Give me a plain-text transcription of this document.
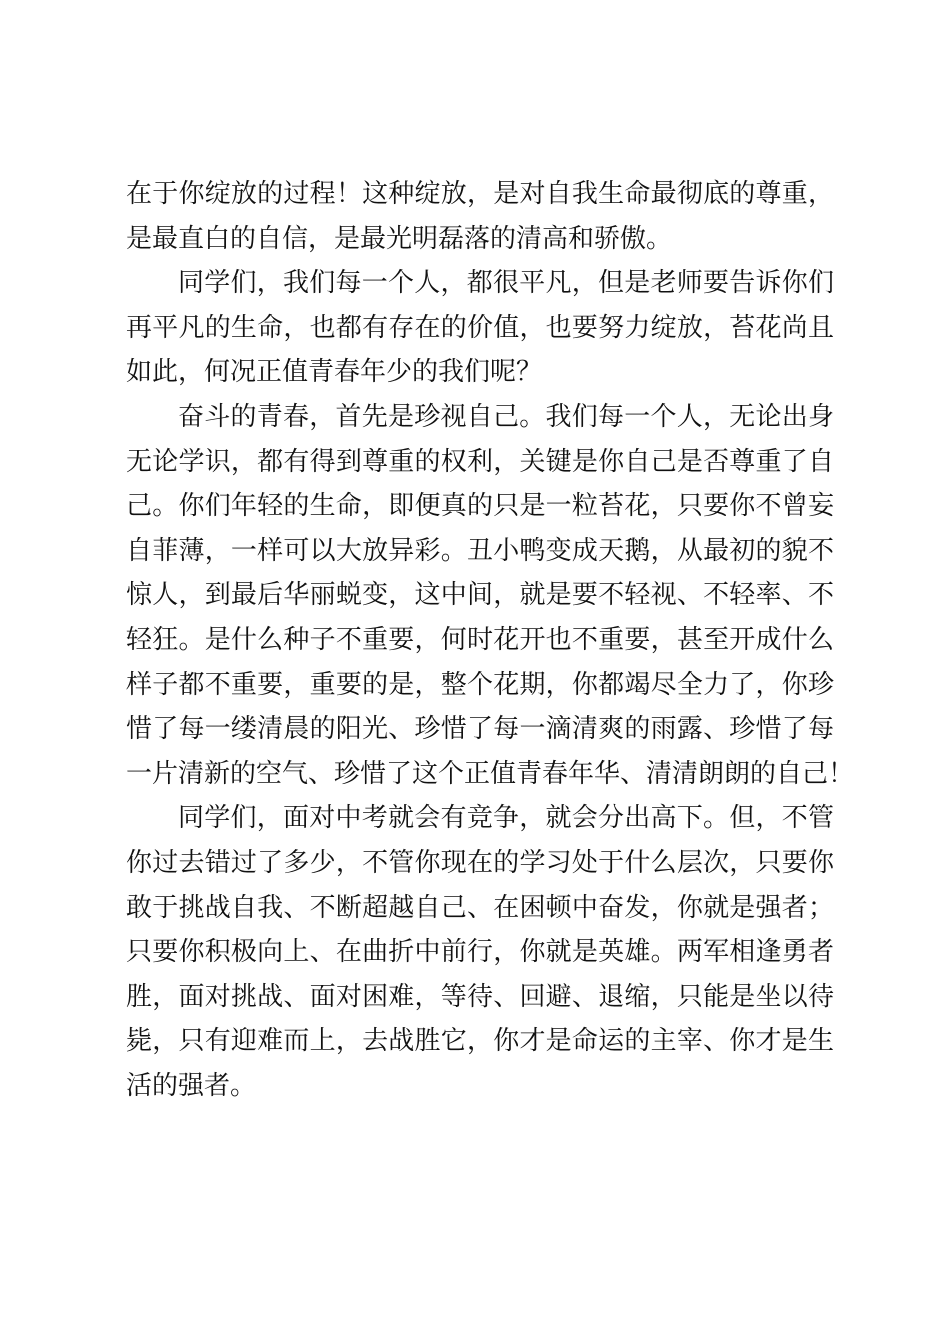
在于你绽放的过程！这种绽放，是对自我生命最彻底的尊重，
是最直白的自信，是最光明磊落的清高和骄傲。
同学们，我们每一个人，都很平凡，但是老师要告诉你们
再平凡的生命，也都有存在的价值，也要努力绽放，苔花尚且
如此，何况正值青春年少的我们呢？
奋斗的青春，首先是珍视自己。我们每一个人，无论出身
无论学识，都有得到尊重的权利，关键是你自己是否尊重了自
己。你们年轻的生命，即便真的只是一粒苔花，只要你不曾妄
自菲薄，一样可以大放异彩。丑小鸭变成天鹅，从最初的貌不
惊人，到最后华丽蜕变，这中间，就是要不轻视、不轻率、不
轻狂。是什么种子不重要，何时花开也不重要，甚至开成什么
样子都不重要，重要的是，整个花期，你都竭尽全力了，你珍
惜了每一缕清晨的阳光、珍惜了每一滴清爽的雨露、珍惜了每
一片清新的空气、珍惜了这个正值青春年华、清清朗朗的自己！
同学们，面对中考就会有竞争，就会分出高下。但，不管
你过去错过了多少，不管你现在的学习处于什么层次，只要你
敢于挑战自我、不断超越自己、在困顿中奋发，你就是强者；
只要你积极向上、在曲折中前行，你就是英雄。两军相逢勇者
胜，面对挑战、面对困难，等待、回避、退缩，只能是坐以待
毙，只有迎难而上，去战胜它，你才是命运的主宰、你才是生
活的强者。
